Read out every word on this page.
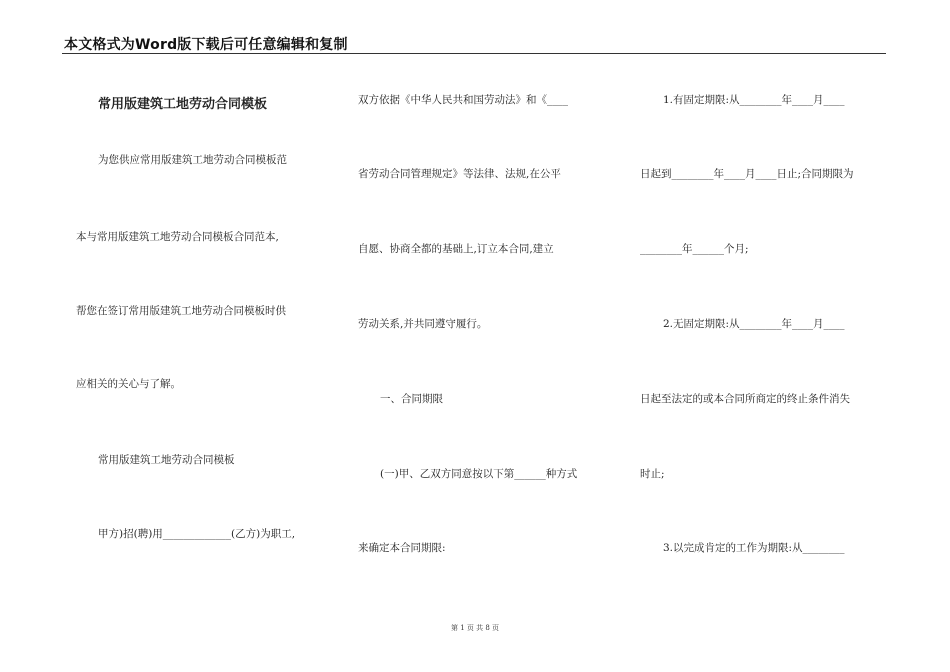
本文格式为Word版下载后可任意编辑和复制
常用版建筑工地劳动合同模板
为您供应常用版建筑工地劳动合同模板范
本与常用版建筑工地劳动合同模板合同范本,
帮您在签订常用版建筑工地劳动合同模板时供
应相关的关心与了解。
常用版建筑工地劳动合同模板
甲方)招(聘)用_____________(乙方)为职工,
双方依据《中华人民共和国劳动法》和《____
省劳动合同管理规定》等法律、法规,在公平
自愿、协商全都的基础上,订立本合同,建立
劳动关系,并共同遵守履行。
一、合同期限
(一)甲、乙双方同意按以下第______种方式
来确定本合同期限:
1.有固定期限:从________年____月____
日起到________年____月____日止;合同期限为
________年______个月;
2.无固定期限:从________年____月____
日起至法定的或本合同所商定的终止条件消失
时止;
3.以完成肯定的工作为期限:从________
第 1 页 共 8 页
